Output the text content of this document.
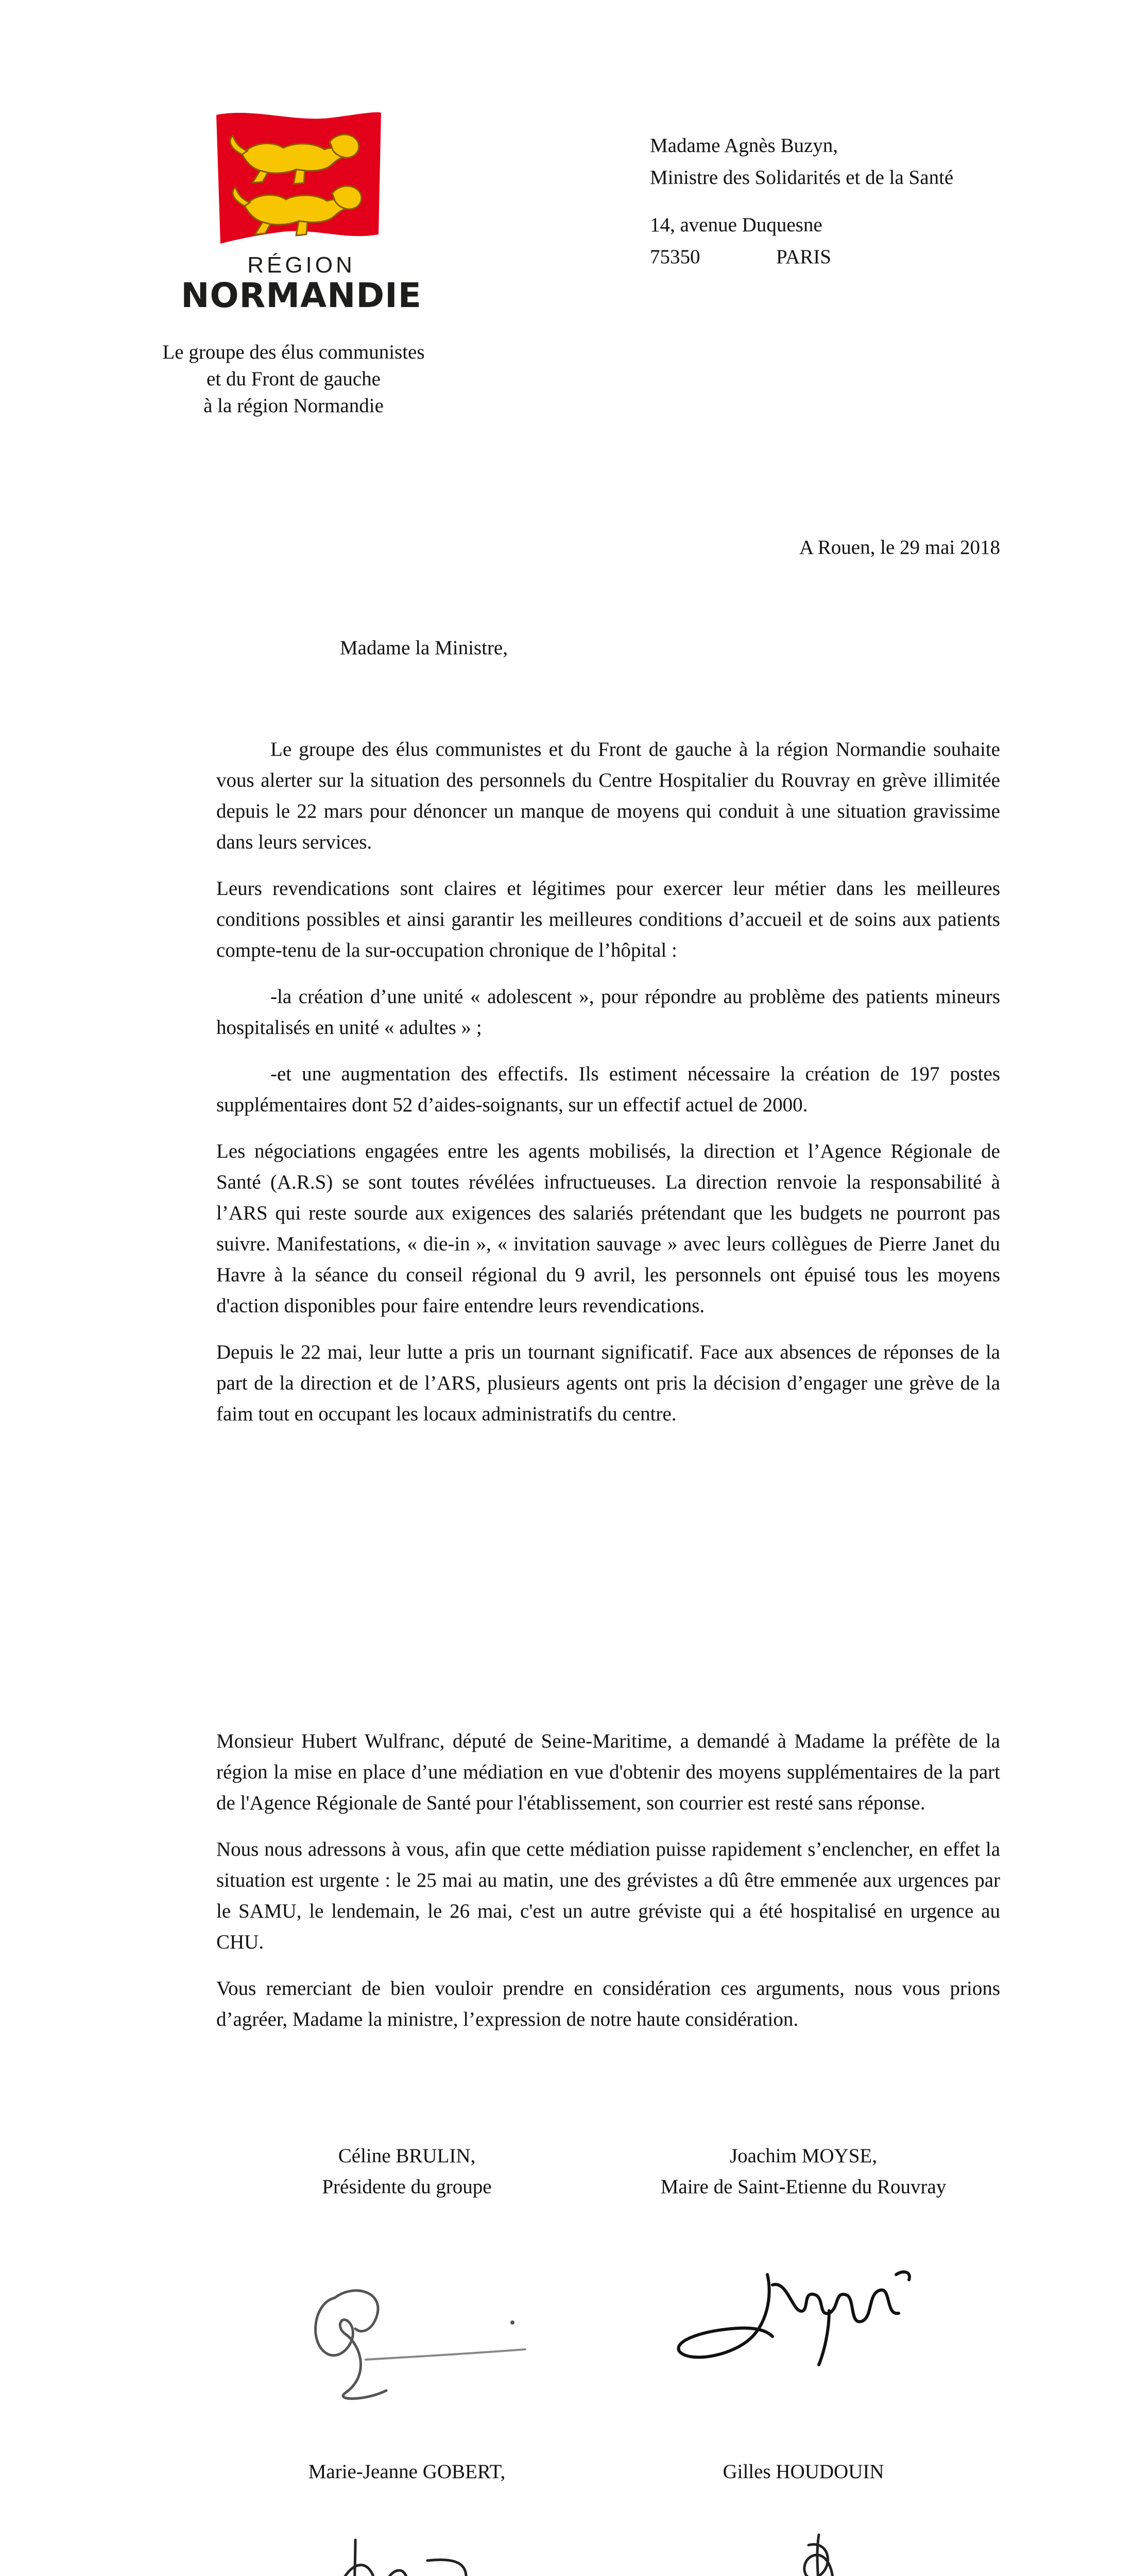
RÉGION
NORMANDIE
Le groupe des élus communistes
et du Front de gauche
à la région Normandie
Madame Agnès Buzyn,
Ministre des Solidarités et de la Santé
14, avenue Duquesne
75350	PARIS
A Rouen, le 29 mai 2018
Madame la Ministre,

Le groupe des élus communistes et du Front de gauche à la région Normandie souhaite vous alerter sur la situation des personnels du Centre Hospitalier du Rouvray en grève illimitée depuis le 22 mars pour dénoncer un manque de moyens qui conduit à une situation gravissime dans leurs services.

Leurs revendications sont claires et légitimes pour exercer leur métier dans les meilleures conditions possibles et ainsi garantir les meilleures conditions d’accueil et de soins aux patients compte-tenu de la sur-occupation chronique de l’hôpital :

-la création d’une unité « adolescent », pour répondre au problème des patients mineurs hospitalisés en unité « adultes » ;

-et une augmentation des effectifs. Ils estiment nécessaire la création de 197 postes supplémentaires dont 52 d’aides-soignants, sur un effectif actuel de 2000.

Les négociations engagées entre les agents mobilisés, la direction et l’Agence Régionale de Santé (A.R.S) se sont toutes révélées infructueuses. La direction renvoie la responsabilité à l’ARS qui reste sourde aux exigences des salariés prétendant que les budgets ne pourront pas suivre. Manifestations, « die-in », « invitation sauvage » avec leurs collègues de Pierre Janet du Havre à la séance du conseil régional du 9 avril, les personnels ont épuisé tous les moyens d'action disponibles pour faire entendre leurs revendications.

Depuis le 22 mai, leur lutte a pris un tournant significatif. Face aux absences de réponses de la part de la direction et de l’ARS, plusieurs agents ont pris la décision d’engager une grève de la faim tout en occupant les locaux administratifs du centre.

Monsieur Hubert Wulfranc, député de Seine-Maritime, a demandé à Madame la préfète de la région la mise en place d’une médiation en vue d'obtenir des moyens supplémentaires de la part de l'Agence Régionale de Santé pour l'établissement, son courrier est resté sans réponse.

Nous nous adressons à vous, afin que cette médiation puisse rapidement s’enclencher, en effet la situation est urgente : le 25 mai au matin, une des grévistes a dû être emmenée aux urgences par le SAMU, le lendemain, le 26 mai, c'est un autre gréviste qui a été hospitalisé en urgence au CHU.

Vous remerciant de bien vouloir prendre en considération ces arguments, nous vous prions d’agréer, Madame la ministre, l’expression de notre haute considération.

Céline BRULIN,
Présidente du groupe
Joachim MOYSE,
Maire de Saint-Etienne du Rouvray
Marie-Jeanne GOBERT,	Gilles HOUDOUIN
